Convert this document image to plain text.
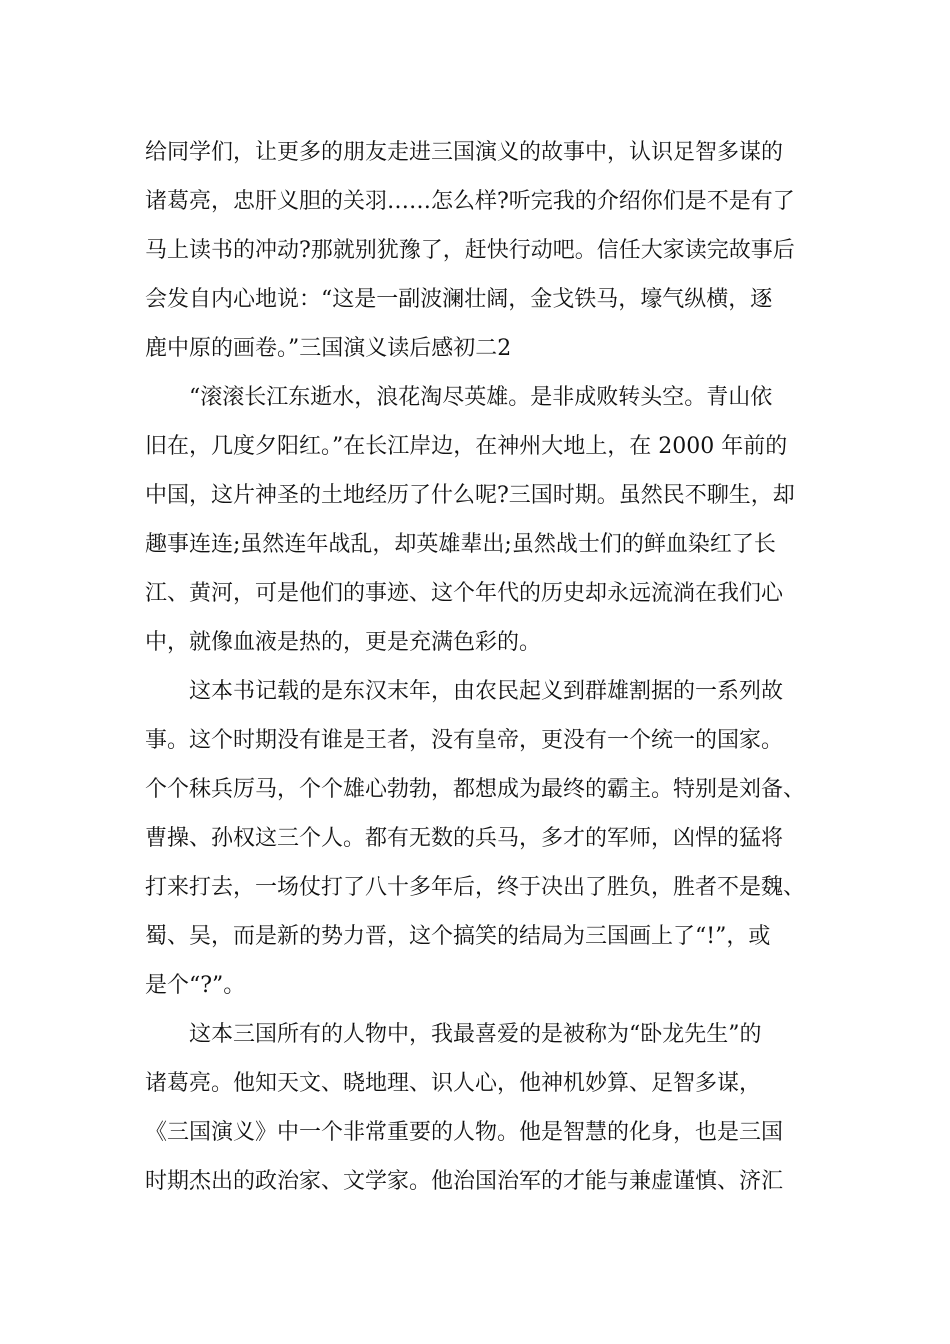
给同学们，让更多的朋友走进三国演义的故事中，认识足智多谋的
诸葛亮，忠肝义胆的关羽……怎么样?听完我的介绍你们是不是有了
马上读书的冲动?那就别犹豫了，赶快行动吧。信任大家读完故事后
会发自内心地说：“这是一副波澜壮阔，金戈铁马，壕气纵横，逐
鹿中原的画卷。”三国演义读后感初二2
“滚滚长江东逝水，浪花淘尽英雄。是非成败转头空。青山依
旧在，几度夕阳红。”在长江岸边，在神州大地上，在 2000 年前的
中国，这片神圣的土地经历了什么呢?三国时期。虽然民不聊生，却
趣事连连;虽然连年战乱，却英雄辈出;虽然战士们的鲜血染红了长
江、黄河，可是他们的事迹、这个年代的历史却永远流淌在我们心
中，就像血液是热的，更是充满色彩的。
这本书记载的是东汉末年，由农民起义到群雄割据的一系列故
事。这个时期没有谁是王者，没有皇帝，更没有一个统一的国家。
个个秣兵厉马，个个雄心勃勃，都想成为最终的霸主。特别是刘备、
曹操、孙权这三个人。都有无数的兵马，多才的军师，凶悍的猛将
打来打去，一场仗打了八十多年后，终于决出了胜负，胜者不是魏、
蜀、吴，而是新的势力晋，这个搞笑的结局为三国画上了“!”，或
是个“?”。
这本三国所有的人物中，我最喜爱的是被称为“卧龙先生”的
诸葛亮。他知天文、晓地理、识人心，他神机妙算、足智多谋，
《三国演义》中一个非常重要的人物。他是智慧的化身，也是三国
时期杰出的政治家、文学家。他治国治军的才能与兼虚谨慎、济汇
